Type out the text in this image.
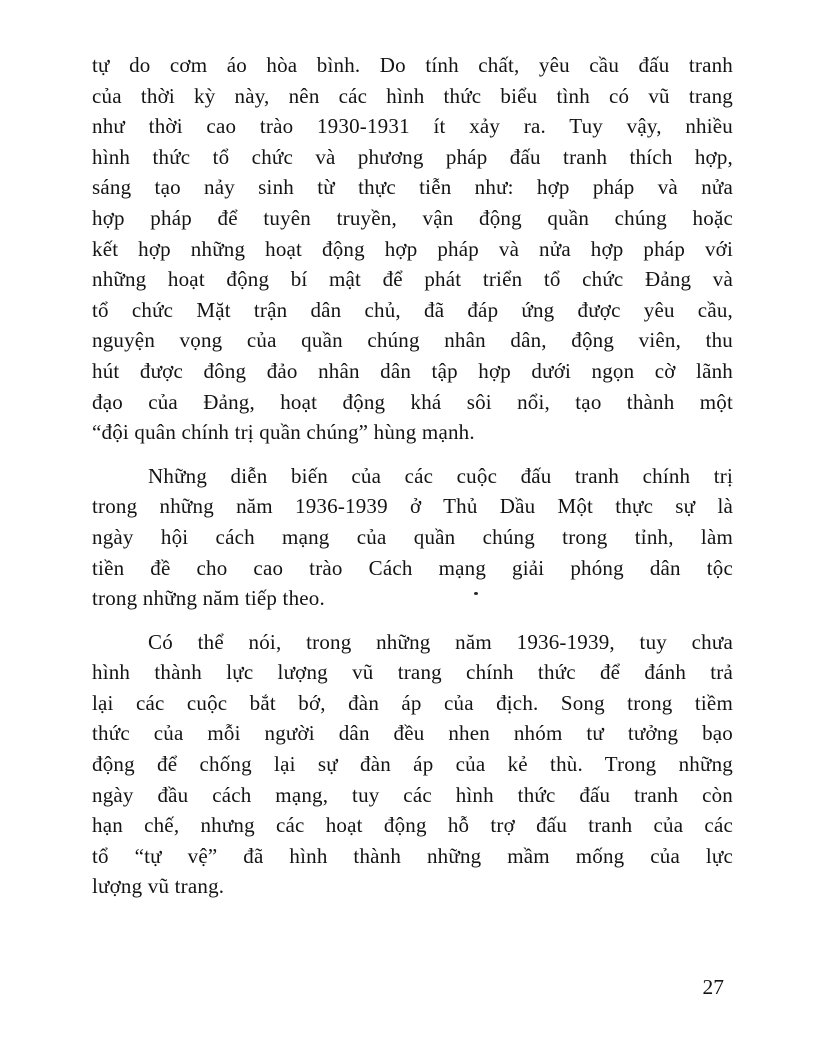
tự do cơm áo hòa bình. Do tính chất, yêu cầu đấu tranh
của thời kỳ này, nên các hình thức biểu tình có vũ trang
như thời cao trào 1930-1931 ít xảy ra. Tuy vậy, nhiều
hình thức tổ chức và phương pháp đấu tranh thích hợp,
sáng tạo nảy sinh từ thực tiễn như: hợp pháp và nửa
hợp pháp để tuyên truyền, vận động quần chúng hoặc
kết hợp những hoạt động hợp pháp và nửa hợp pháp với
những hoạt động bí mật để phát triển tổ chức Đảng và
tổ chức Mặt trận dân chủ, đã đáp ứng được yêu cầu,
nguyện vọng của quần chúng nhân dân, động viên, thu
hút được đông đảo nhân dân tập hợp dưới ngọn cờ lãnh
đạo của Đảng, hoạt động khá sôi nổi, tạo thành một
“đội quân chính trị quần chúng” hùng mạnh.
Những diễn biến của các cuộc đấu tranh chính trị
trong những năm 1936-1939 ở Thủ Dầu Một thực sự là
ngày hội cách mạng của quần chúng trong tỉnh, làm
tiền đề cho cao trào Cách mạng giải phóng dân tộc
trong những năm tiếp theo.
Có thể nói, trong những năm 1936-1939, tuy chưa
hình thành lực lượng vũ trang chính thức để đánh trả
lại các cuộc bắt bớ, đàn áp của địch. Song trong tiềm
thức của mỗi người dân đều nhen nhóm tư tưởng bạo
động để chống lại sự đàn áp của kẻ thù. Trong những
ngày đầu cách mạng, tuy các hình thức đấu tranh còn
hạn chế, nhưng các hoạt động hỗ trợ đấu tranh của các
tổ “tự vệ” đã hình thành những mầm mống của lực
lượng vũ trang.
27
